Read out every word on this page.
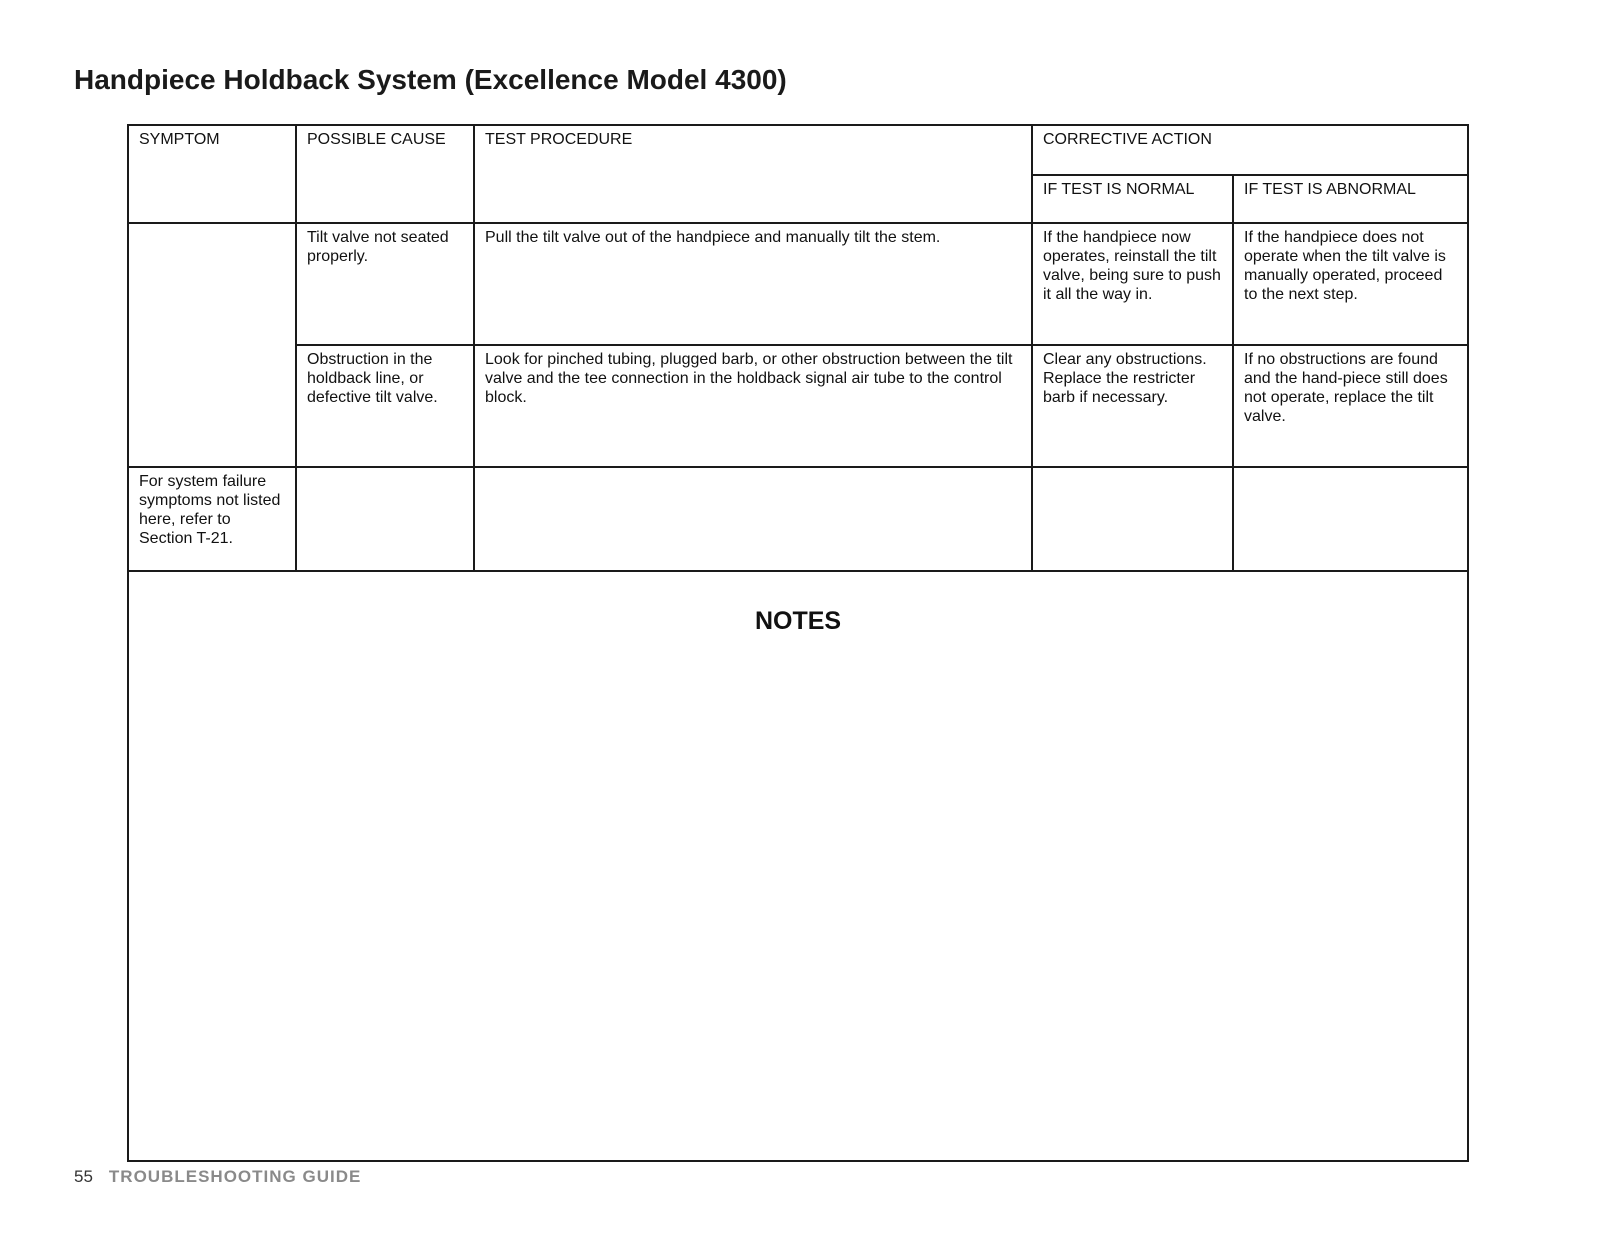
Handpiece Holdback System (Excellence Model 4300)
SYMPTOM	POSSIBLE CAUSE	TEST PROCEDURE	CORRECTIVE ACTION	
			IF TEST IS NORMAL	IF TEST IS ABNORMAL
	Tilt valve not seated properly.	Pull the tilt valve out of the handpiece and manually tilt the stem.	If the handpiece now operates, reinstall the tilt valve, being sure to push it all the way in.	If the handpiece does not operate when the tilt valve is manually operated, proceed to the next step.
	Obstruction in the holdback line, or defective tilt valve.	Look for pinched tubing, plugged barb, or other obstruction between the tilt valve and the tee connection in the holdback signal air tube to the control block.	Clear any obstructions. Replace the restricter barb if necessary.	If no obstructions are found and the hand-piece still does not operate, replace the tilt valve.
For system failure symptoms not listed here, refer to Section T-21.				

NOTES				
55 TROUBLESHOOTING GUIDE
